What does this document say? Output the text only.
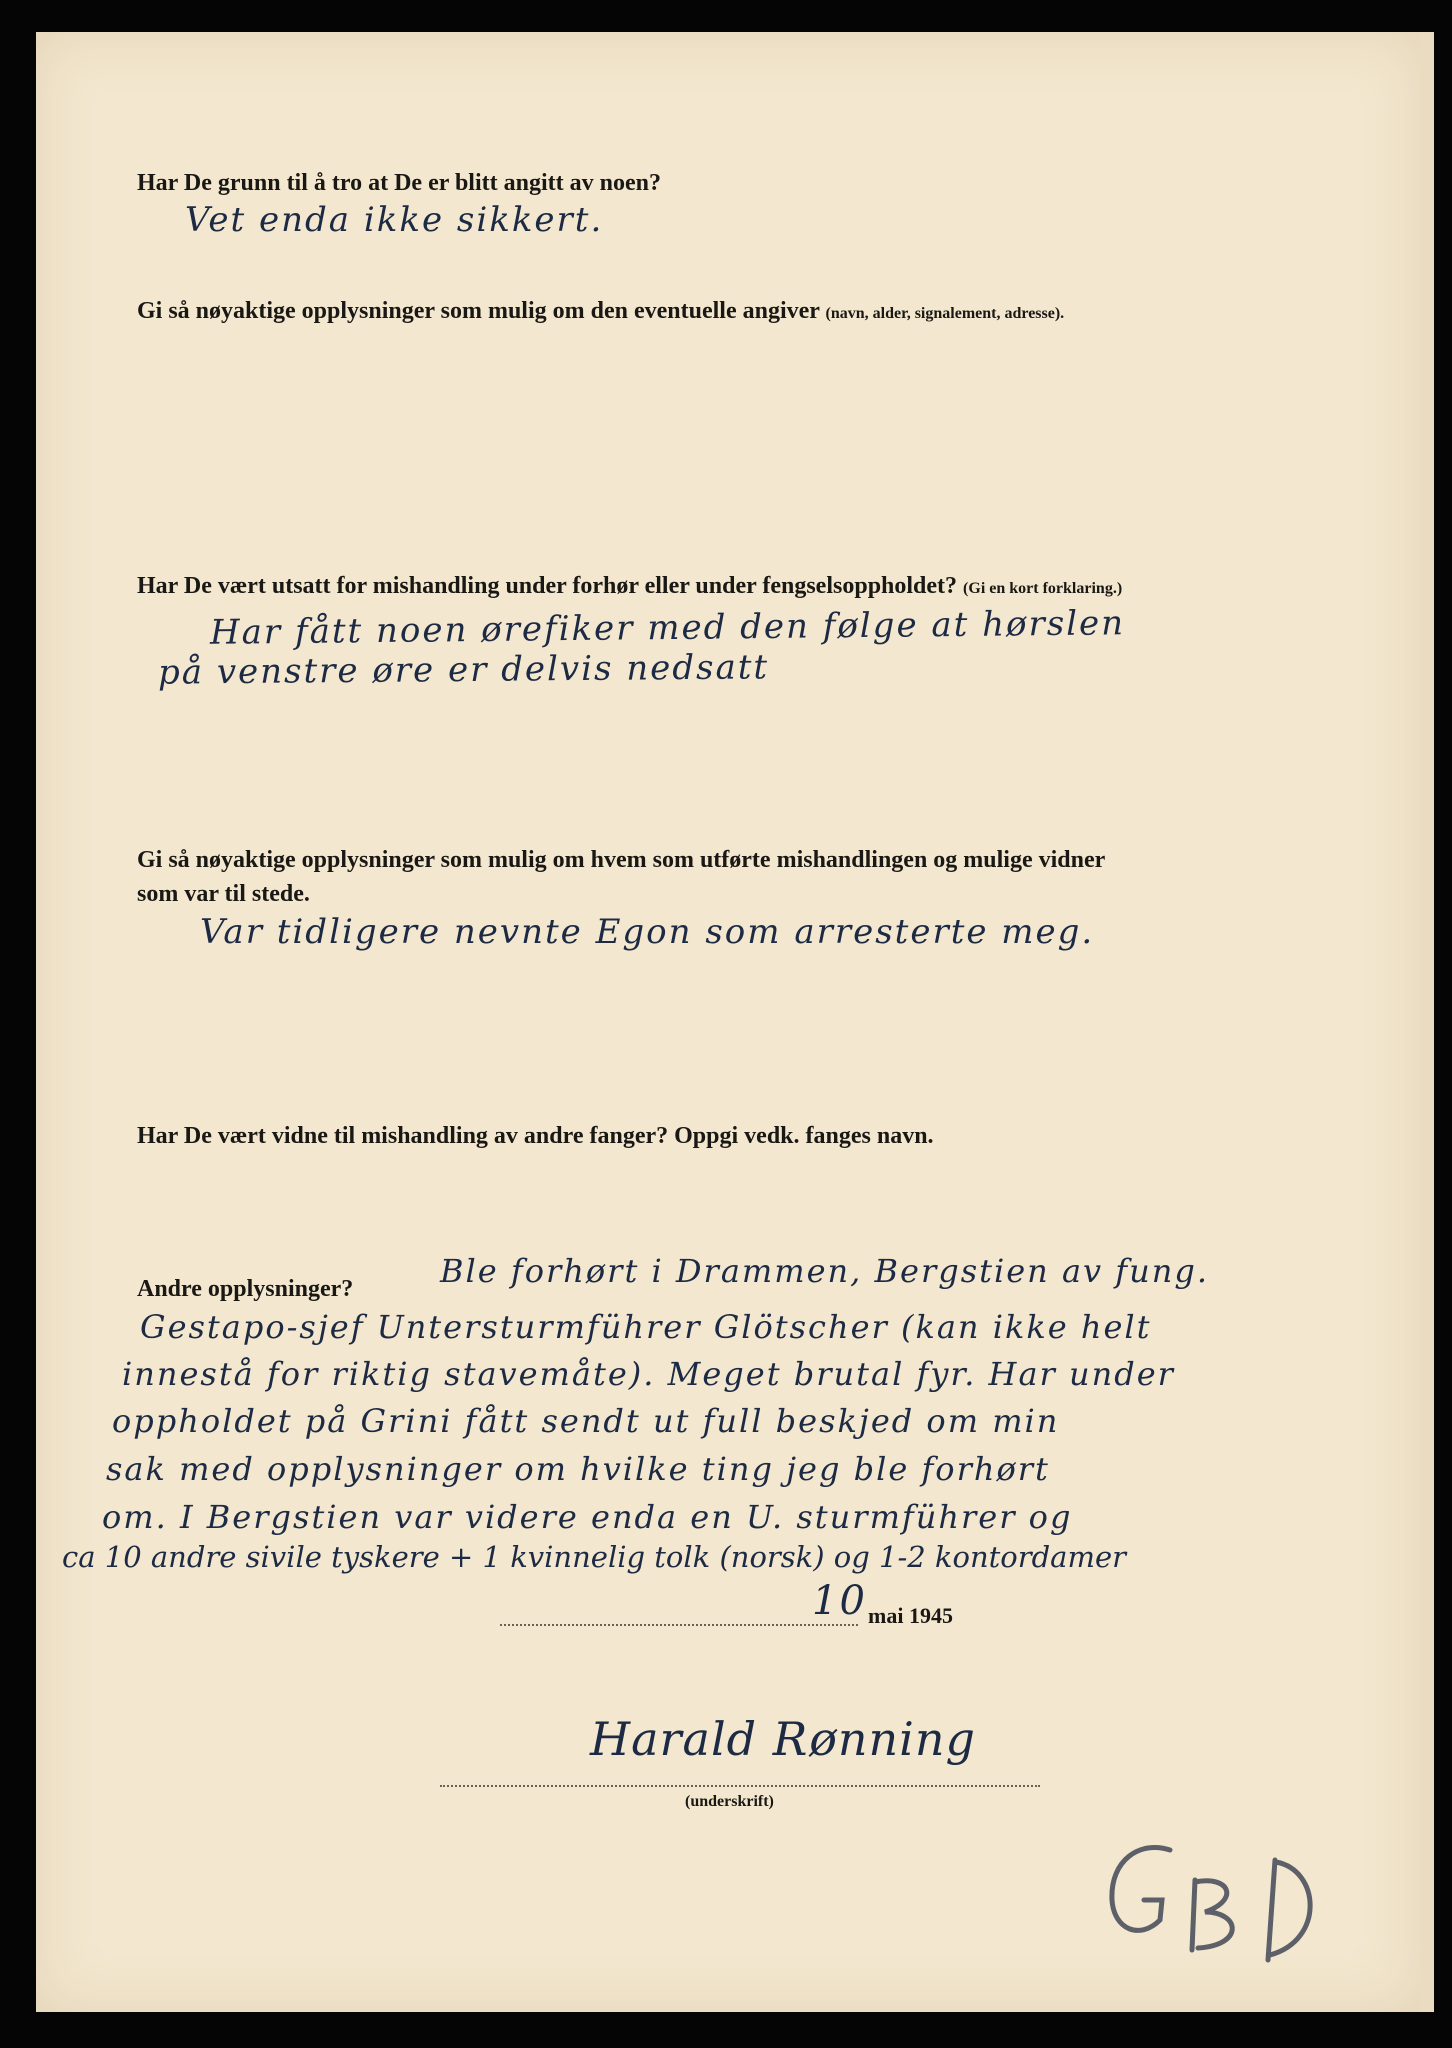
Har De grunn til å tro at De er blitt angitt av noen?

Vet enda ikke sikkert.

Gi så nøyaktige opplysninger som mulig om den eventuelle angiver (navn, alder, signalement, adresse).

Har De vært utsatt for mishandling under forhør eller under fengselsoppholdet? (Gi en kort forklaring.)

Har fått noen ørefiker med den følge at hørslen

på venstre øre er delvis nedsatt

Gi så nøyaktige opplysninger som mulig om hvem som utførte mishandlingen og mulige vidner

som var til stede.

Var tidligere nevnte Egon som arresterte meg.

Har De vært vidne til mishandling av andre fanger? Oppgi vedk. fanges navn.

Andre opplysninger?	Ble forhørt i Drammen, Bergstien av fung.

Gestapo-sjef Untersturmführer Glötscher (kan ikke helt

innestå for riktig stavemåte). Meget brutal fyr. Har under

oppholdet på Grini fått sendt ut full beskjed om min

sak med opplysninger om hvilke ting jeg ble forhørt

om. I Bergstien var videre enda en U. sturmführer og

ca 10 andre sivile tyskere + 1 kvinnelig tolk (norsk) og 1-2 kontordamer

10 mai 1945

Harald Rønning

(underskrift)
